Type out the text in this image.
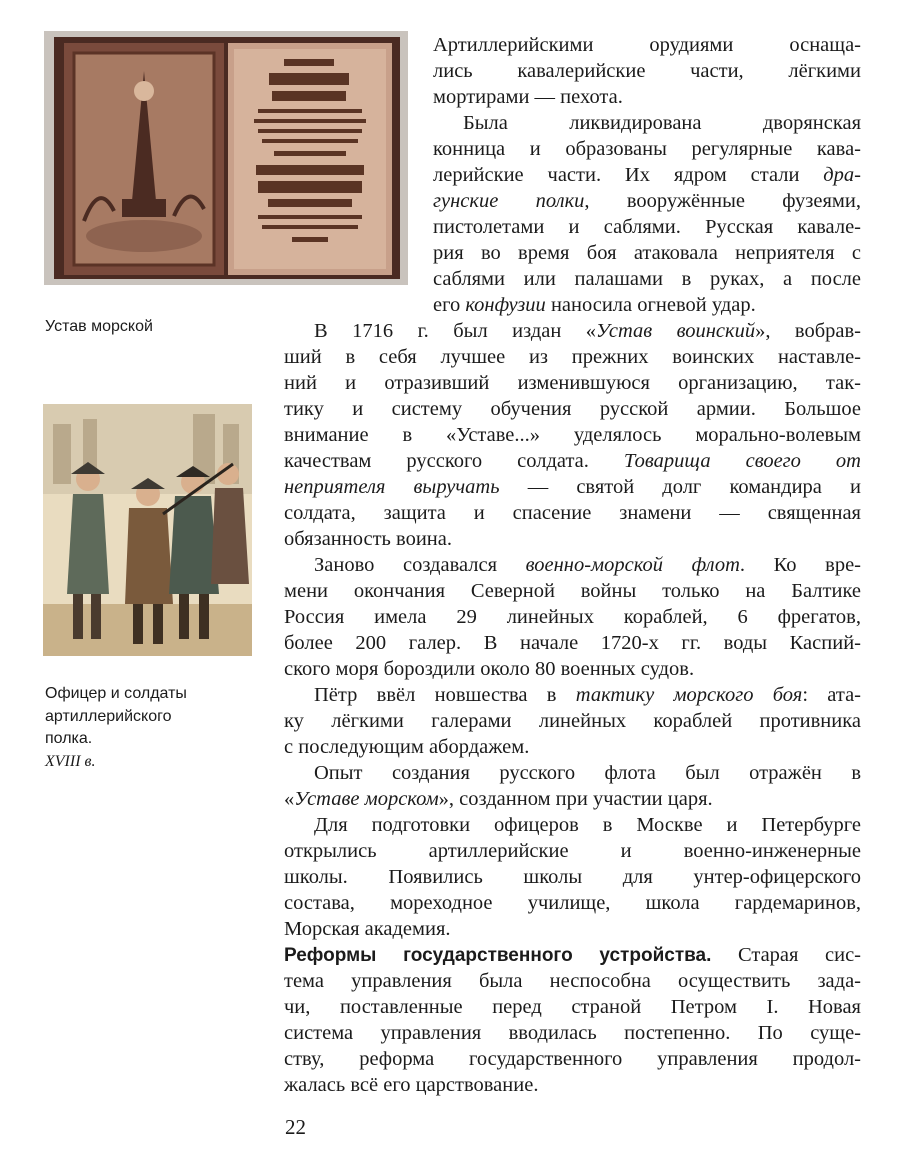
Устав морской
Офицер и солдаты
артиллерийского
полка.
XVIII в.

Артиллерийскими орудиями оснаща-

лись кавалерийские части, лёгкими

мортирами — пехота.

Была ликвидирована дворянская

конница и образованы регулярные кава-

лерийские части. Их ядром стали дра-

гунские полки, вооружённые фузеями,

пистолетами и саблями. Русская кавале-

рия во время боя атаковала неприятеля с

саблями или палашами в руках, а после

его конфузии наносила огневой удар.

В 1716 г. был издан «Устав воинский», вобрав-

ший в себя лучшее из прежних воинских наставле-

ний и отразивший изменившуюся организацию, так-

тику и систему обучения русской армии. Большое

внимание в «Уставе...» уделялось морально-волевым

качествам русского солдата. Товарища своего от

неприятеля выручать — святой долг командира и

солдата, защита и спасение знамени — священная

обязанность воина.

Заново создавался военно-морской флот. Ко вре-

мени окончания Северной войны только на Балтике

Россия имела 29 линейных кораблей, 6 фрегатов,

более 200 галер. В начале 1720-х гг. воды Каспий-

ского моря бороздили около 80 военных судов.

Пётр ввёл новшества в тактику морского боя: ата-

ку лёгкими галерами линейных кораблей противника

с последующим абордажем.

Опыт создания русского флота был отражён в

«Уставе морском», созданном при участии царя.

Для подготовки офицеров в Москве и Петербурге

открылись артиллерийские и военно-инженерные

школы. Появились школы для унтер-офицерского

состава, мореходное училище, школа гардемаринов,

Морская академия.

Реформы государственного устройства. Старая сис-

тема управления была неспособна осуществить зада-

чи, поставленные перед страной Петром I. Новая

система управления вводилась постепенно. По суще-

ству, реформа государственного управления продол-

жалась всё его царствование.

22
